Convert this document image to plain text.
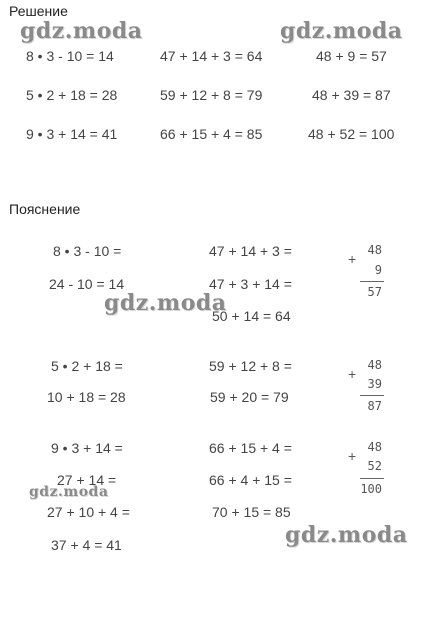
Решение
8 • 3 - 10 = 14	47 + 14 + 3 = 64	48 + 9 = 57
5 • 2 + 18 = 28	59 + 12 + 8 = 79	48 + 39 = 87
9 • 3 + 14 = 41	66 + 15 + 4 = 85	48 + 52 = 100
Пояснение
8 • 3 - 10 =
24 - 10 = 14
47 + 14 + 3 =
47 + 3 + 14 =
50 + 14 = 64
+
48
9
57
5 • 2 + 18 =
10 + 18 = 28
59 + 12 + 8 =
59 + 20 = 79
+
48
39
87
9 • 3 + 14 =
27 + 14 =
27 + 10 + 4 =
37 + 4 = 41
66 + 15 + 4 =
66 + 4 + 15 =
70 + 15 = 85
+
48
52
100
gdz.moda	gdz.moda
gdz.moda
gdz.moda
gdz.moda
